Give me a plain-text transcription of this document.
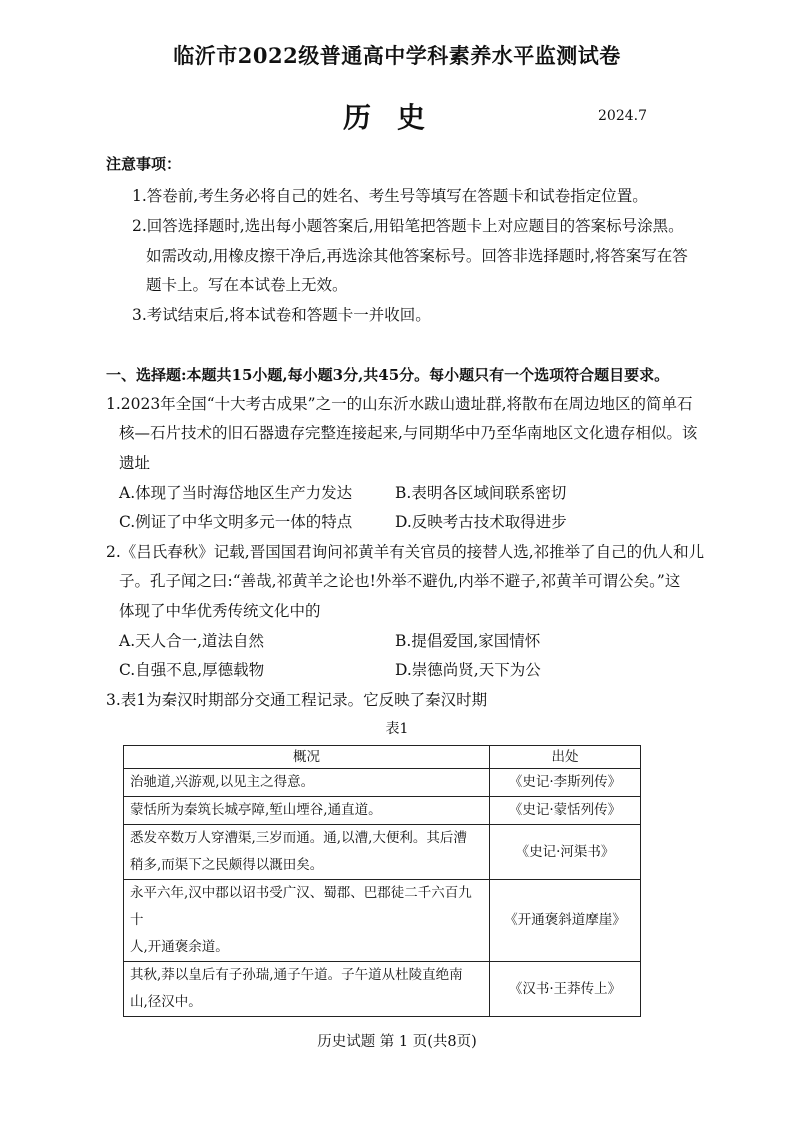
临沂市2022级普通高中学科素养水平监测试卷
历史	2024.7
注意事项：
1.答卷前,考生务必将自己的姓名、考生号等填写在答题卡和试卷指定位置。
2.回答选择题时,选出每小题答案后,用铅笔把答题卡上对应题目的答案标号涂黑。
如需改动,用橡皮擦干净后,再选涂其他答案标号。回答非选择题时,将答案写在答
题卡上。写在本试卷上无效。
3.考试结束后,将本试卷和答题卡一并收回。
一、选择题:本题共15小题,每小题3分,共45分。每小题只有一个选项符合题目要求。
1.2023年全国“十大考古成果”之一的山东沂水跋山遗址群,将散布在周边地区的简单石
核—石片技术的旧石器遗存完整连接起来,与同期华中乃至华南地区文化遗存相似。该
遗址
A.体现了当时海岱地区生产力发达	B.表明各区域间联系密切
C.例证了中华文明多元一体的特点	D.反映考古技术取得进步
2.《吕氏春秋》记载,晋国国君询问祁黄羊有关官员的接替人选,祁推举了自己的仇人和儿
子。孔子闻之曰:“善哉,祁黄羊之论也!外举不避仇,内举不避子,祁黄羊可谓公矣。”这
体现了中华优秀传统文化中的
A.天人合一,道法自然	B.提倡爱国,家国情怀
C.自强不息,厚德载物	D.崇德尚贤,天下为公
3.表1为秦汉时期部分交通工程记录。它反映了秦汉时期
表1
概况	出处
治驰道,兴游观,以见主之得意。	《史记·李斯列传》
蒙恬所为秦筑长城亭障,堑山堙谷,通直道。	《史记·蒙恬列传》
悉发卒数万人穿漕渠,三岁而通。通,以漕,大便利。其后漕
稍多,而渠下之民颇得以溉田矣。	《史记·河渠书》
永平六年,汉中郡以诏书受广汉、蜀郡、巴郡徒二千六百九十
人,开通褒余道。	《开通褒斜道摩崖》
其秋,莽以皇后有子孙瑞,通子午道。子午道从杜陵直绝南
山,径汉中。	《汉书·王莽传上》
历史试题 第 1 页(共8页)
